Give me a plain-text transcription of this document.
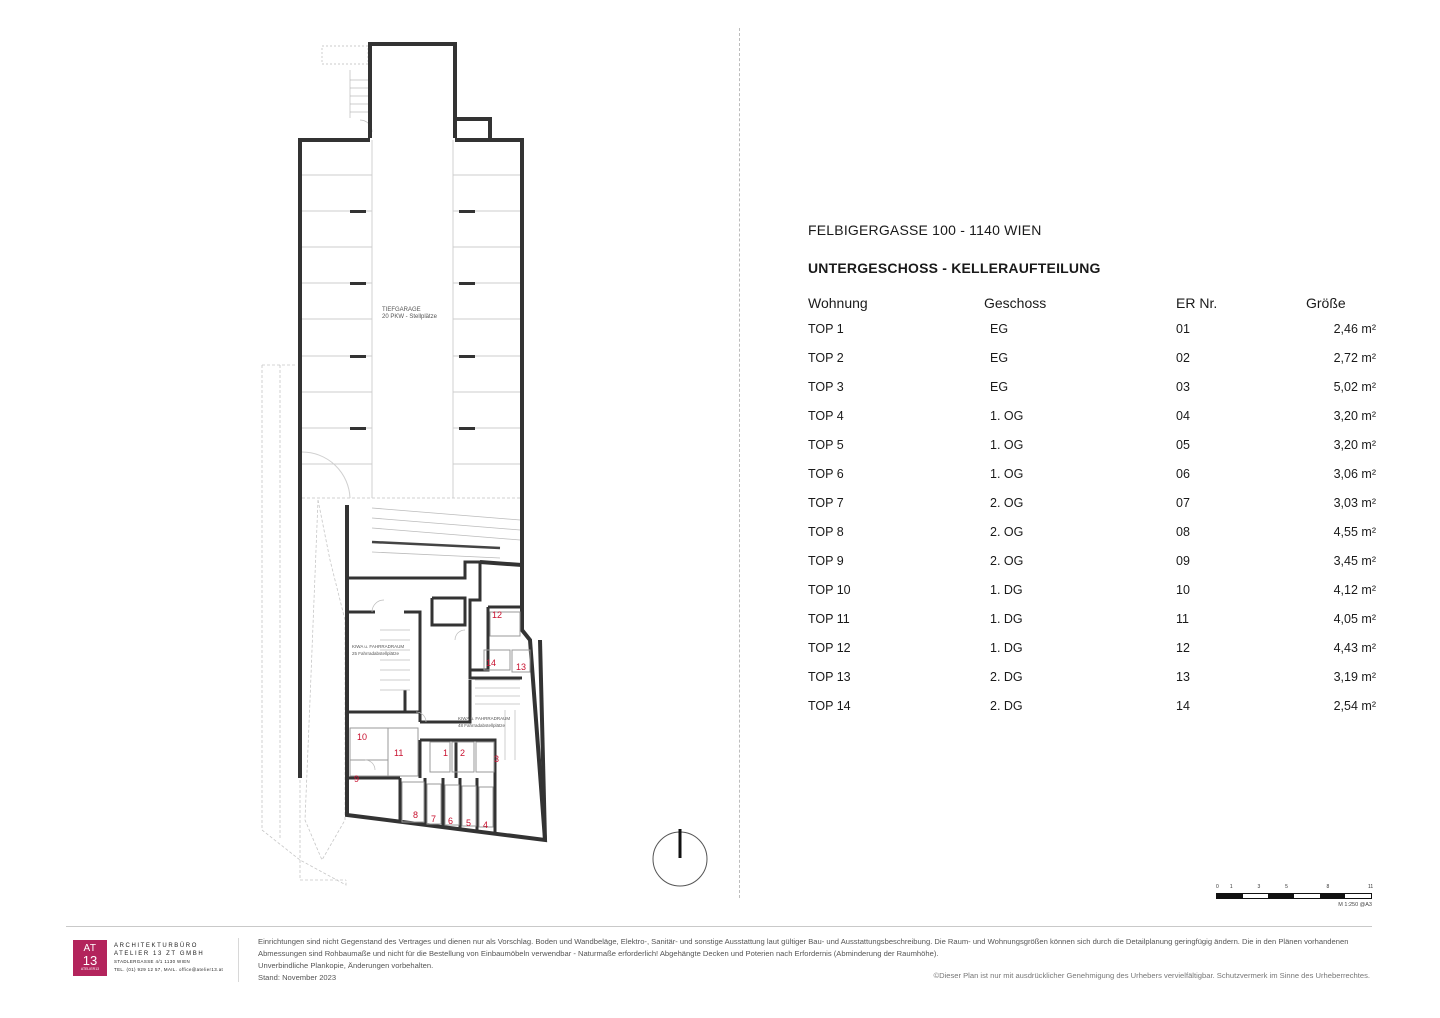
TIEFGARAGE
20 PKW - Stellplätze
KIWA u. FAHRRADRAUM
25 Fahrradabstellplätze
KIWA u. FAHRRADRAUM
48 Fahrradabstellplätze
1 2
3
4
5
6
7
8
9
10
11
12
13
14
FELBIGERGASSE 100 - 1140 WIEN
UNTERGESCHOSS - KELLERAUFTEILUNG
Wohnung	Geschoss	ER Nr.	Größe
TOP 1	EG	01	2,46 m²
TOP 2	EG	02	2,72 m²
TOP 3	EG	03	5,02 m²
TOP 4	1. OG	04	3,20 m²
TOP 5	1. OG	05	3,20 m²
TOP 6	1. OG	06	3,06 m²
TOP 7	2. OG	07	3,03 m²
TOP 8	2. OG	08	4,55 m²
TOP 9	2. OG	09	3,45 m²
TOP 10	1. DG	10	4,12 m²
TOP 11	1. DG	11	4,05 m²
TOP 12	1. DG	12	4,43 m²
TOP 13	2. DG	13	3,19 m²
TOP 14	2. DG	14	2,54 m²
0 1	3	5	8	11
M 1:250 @A3
AT
13
ATELIER13
ARCHITEKTURBÜRO
ATELIER 13 ZT GMBH
STADLERGASSE 4/1 1130 WIEN
TEL. (01) 929 12 57, MAIL. office@atelier13.at
Einrichtungen sind nicht Gegenstand des Vertrages und dienen nur als Vorschlag. Boden und Wandbeläge, Elektro-, Sanitär- und sonstige Ausstattung laut gültiger Bau- und Ausstattungsbeschreibung. Die Raum- und Wohnungsgrößen können sich durch die Detailplanung geringfügig ändern. Die in den Plänen vorhandenen Abmessungen sind Rohbaumaße und nicht für die Bestellung von Einbaumöbeln verwendbar - Naturmaße erforderlich! Abgehängte Decken und Poterien nach Erfordernis (Abminderung der Raumhöhe).
Unverbindliche Plankopie, Änderungen vorbehalten.
Stand: November 2023	©Dieser Plan ist nur mit ausdrücklicher Genehmigung des Urhebers vervielfältigbar. Schutzvermerk im Sinne des Urheberrechtes.
